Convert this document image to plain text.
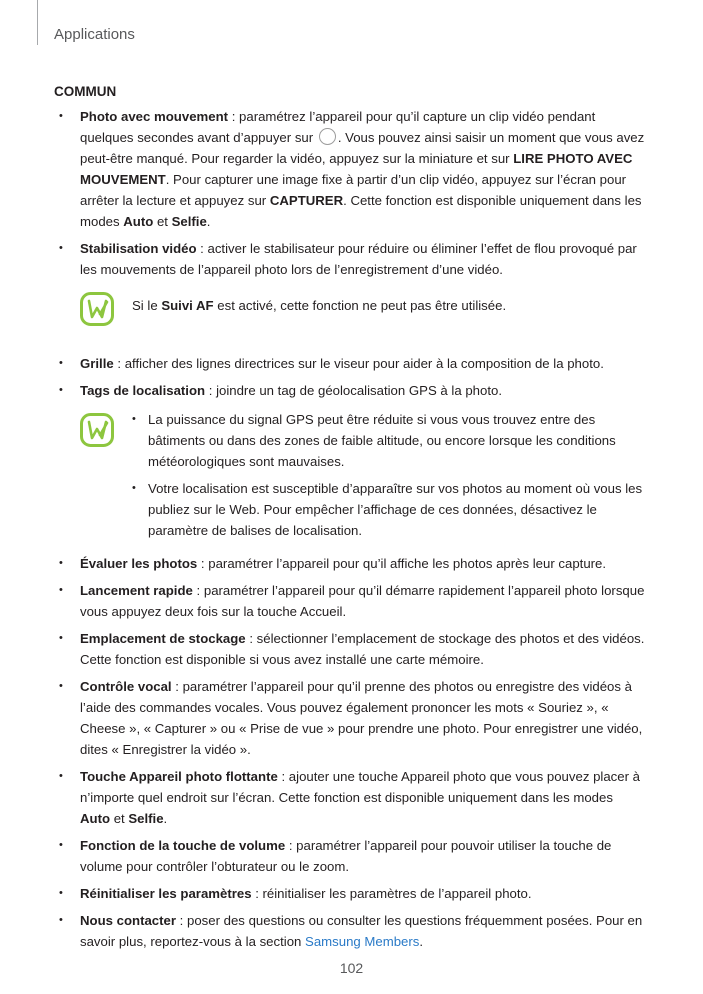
Applications
COMMUN
• Photo avec mouvement : paramétrez l’appareil pour qu’il capture un clip vidéo pendant quelques secondes avant d’appuyer sur . Vous pouvez ainsi saisir un moment que vous avez peut-être manqué. Pour regarder la vidéo, appuyez sur la miniature et sur LIRE PHOTO AVEC MOUVEMENT. Pour capturer une image fixe à partir d’un clip vidéo, appuyez sur l’écran pour arrêter la lecture et appuyez sur CAPTURER. Cette fonction est disponible uniquement dans les modes Auto et Selfie.
• Stabilisation vidéo : activer le stabilisateur pour réduire ou éliminer l’effet de flou provoqué par les mouvements de l’appareil photo lors de l’enregistrement d’une vidéo.
Si le Suivi AF est activé, cette fonction ne peut pas être utilisée.
• Grille : afficher des lignes directrices sur le viseur pour aider à la composition de la photo.
• Tags de localisation : joindre un tag de géolocalisation GPS à la photo.
• La puissance du signal GPS peut être réduite si vous vous trouvez entre des bâtiments ou dans des zones de faible altitude, ou encore lorsque les conditions météorologiques sont mauvaises.
• Votre localisation est susceptible d’apparaître sur vos photos au moment où vous les publiez sur le Web. Pour empêcher l’affichage de ces données, désactivez le paramètre de balises de localisation.
• Évaluer les photos : paramétrer l’appareil pour qu’il affiche les photos après leur capture.
• Lancement rapide : paramétrer l’appareil pour qu’il démarre rapidement l’appareil photo lorsque vous appuyez deux fois sur la touche Accueil.
• Emplacement de stockage : sélectionner l’emplacement de stockage des photos et des vidéos. Cette fonction est disponible si vous avez installé une carte mémoire.
• Contrôle vocal : paramétrer l’appareil pour qu’il prenne des photos ou enregistre des vidéos à l’aide des commandes vocales. Vous pouvez également prononcer les mots « Souriez », « Cheese », « Capturer » ou « Prise de vue » pour prendre une photo. Pour enregistrer une vidéo, dites « Enregistrer la vidéo ».
• Touche Appareil photo flottante : ajouter une touche Appareil photo que vous pouvez placer à n’importe quel endroit sur l’écran. Cette fonction est disponible uniquement dans les modes Auto et Selfie.
• Fonction de la touche de volume : paramétrer l’appareil pour pouvoir utiliser la touche de volume pour contrôler l’obturateur ou le zoom.
• Réinitialiser les paramètres : réinitialiser les paramètres de l’appareil photo.
• Nous contacter : poser des questions ou consulter les questions fréquemment posées. Pour en savoir plus, reportez-vous à la section Samsung Members.
102
